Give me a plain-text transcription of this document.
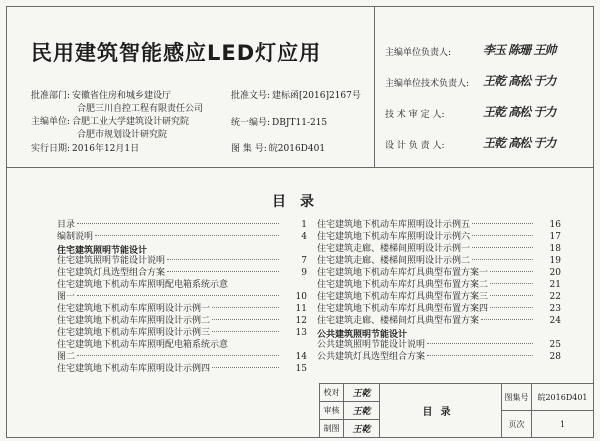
民用建筑智能感应LED灯应用
批准部门: 安徽省住房和城乡建设厅
合肥三川自控工程有限责任公司
主编单位: 合肥工业大学建筑设计研究院
合肥市规划设计研究院
实行日期: 2016年12月1日
批准文号: 建标函[2016]2167号
统一编号: DBJT11-215
图 集 号: 皖2016D401
主编单位负责人:	李玉 陈珊 王帅
主编单位技术负责人: 王乾 高松 于力
技 术 审 定 人:	王乾 高松 于力
设 计 负 责 人:	王乾 高松 于力
目录
目录	1
编制说明	4
住宅建筑照明节能设计
住宅建筑照明节能设计说明	7
住宅建筑灯具选型组合方案	9
住宅建筑地下机动车库照明配电箱系统示意
图一	10
住宅建筑地下机动车库照明设计示例一	11
住宅建筑地下机动车库照明设计示例二	12
住宅建筑地下机动车库照明设计示例三	13
住宅建筑地下机动车库照明配电箱系统示意
图二	14
住宅建筑地下机动车库照明设计示例四	15
住宅建筑地下机动车库照明设计示例五	16
住宅建筑地下机动车库照明设计示例六	17
住宅建筑走廊、楼梯间照明设计示例一	18
住宅建筑走廊、楼梯间照明设计示例二	19
住宅建筑地下机动车库灯具典型布置方案一	20
住宅建筑地下机动车库灯具典型布置方案二	21
住宅建筑地下机动车库灯具典型布置方案三	22
住宅建筑地下机动车库灯具典型布置方案四	23
住宅建筑走廊、楼梯间灯具典型布置方案	24
公共建筑照明节能设计
公共建筑照明节能设计说明	25
公共建筑灯具选型组合方案	28
校对	王乾
审核	王乾
制图	王乾
目录
图集号	皖2016D401
页次	1
